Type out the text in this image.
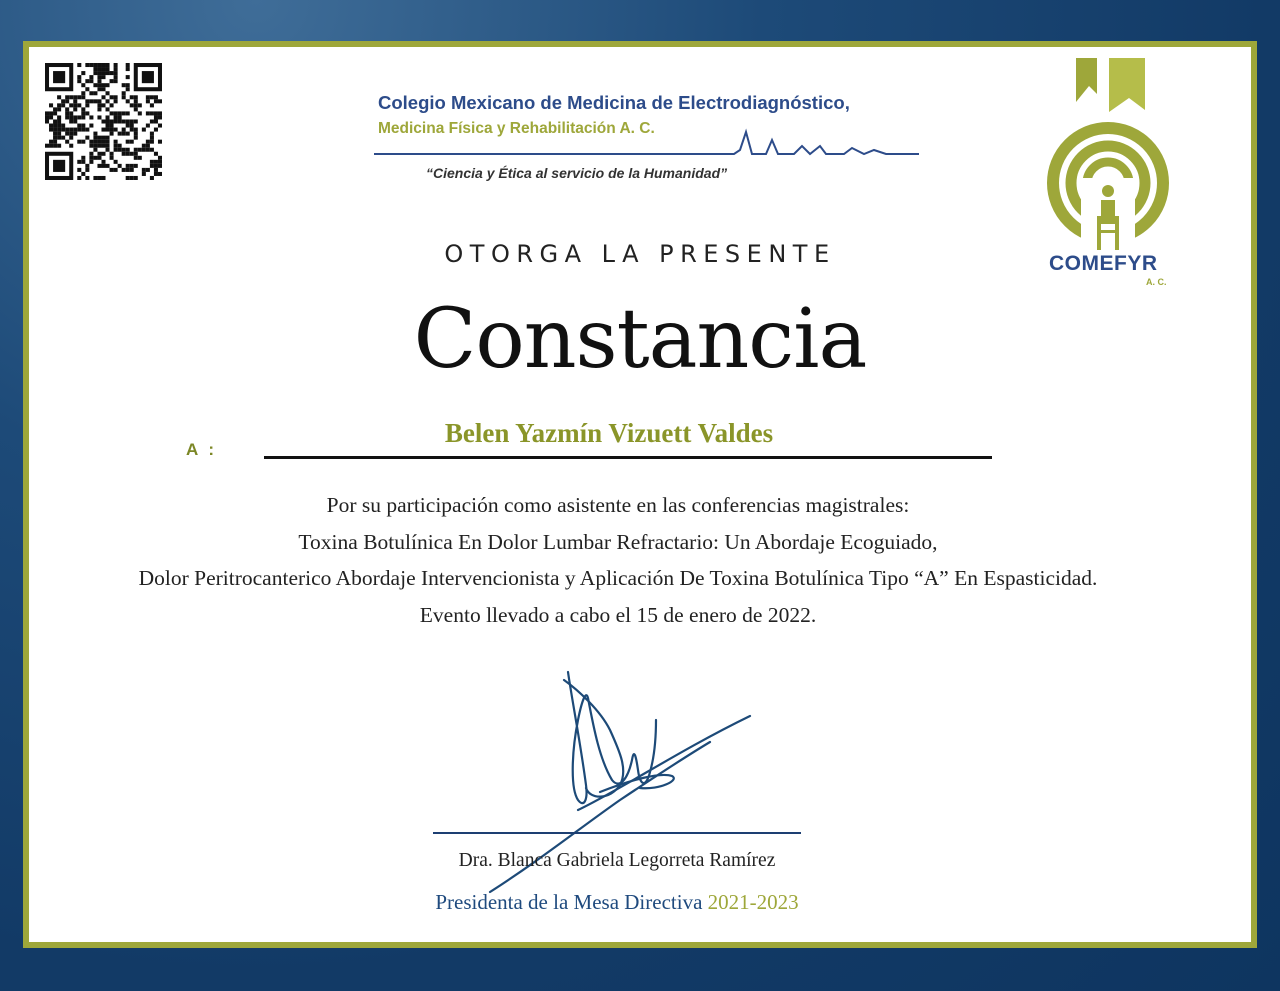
Colegio Mexicano de Medicina de Electrodiagnóstico,
Medicina Física y Rehabilitación A. C.
“Ciencia y Ética al servicio de la Humanidad”
COMEFYR
A. C.
OTORGA LA PRESENTE
Constancia
A :
Belen Yazmín Vizuett Valdes
Por su participación como asistente en las conferencias magistrales:
Toxina Botulínica En Dolor Lumbar Refractario: Un Abordaje Ecoguiado,
Dolor Peritrocanterico Abordaje Intervencionista y Aplicación De Toxina Botulínica Tipo “A” En Espasticidad.
Evento llevado a cabo el 15 de enero de 2022.
Dra. Blanca Gabriela Legorreta Ramírez
Presidenta de la Mesa Directiva 2021-2023
